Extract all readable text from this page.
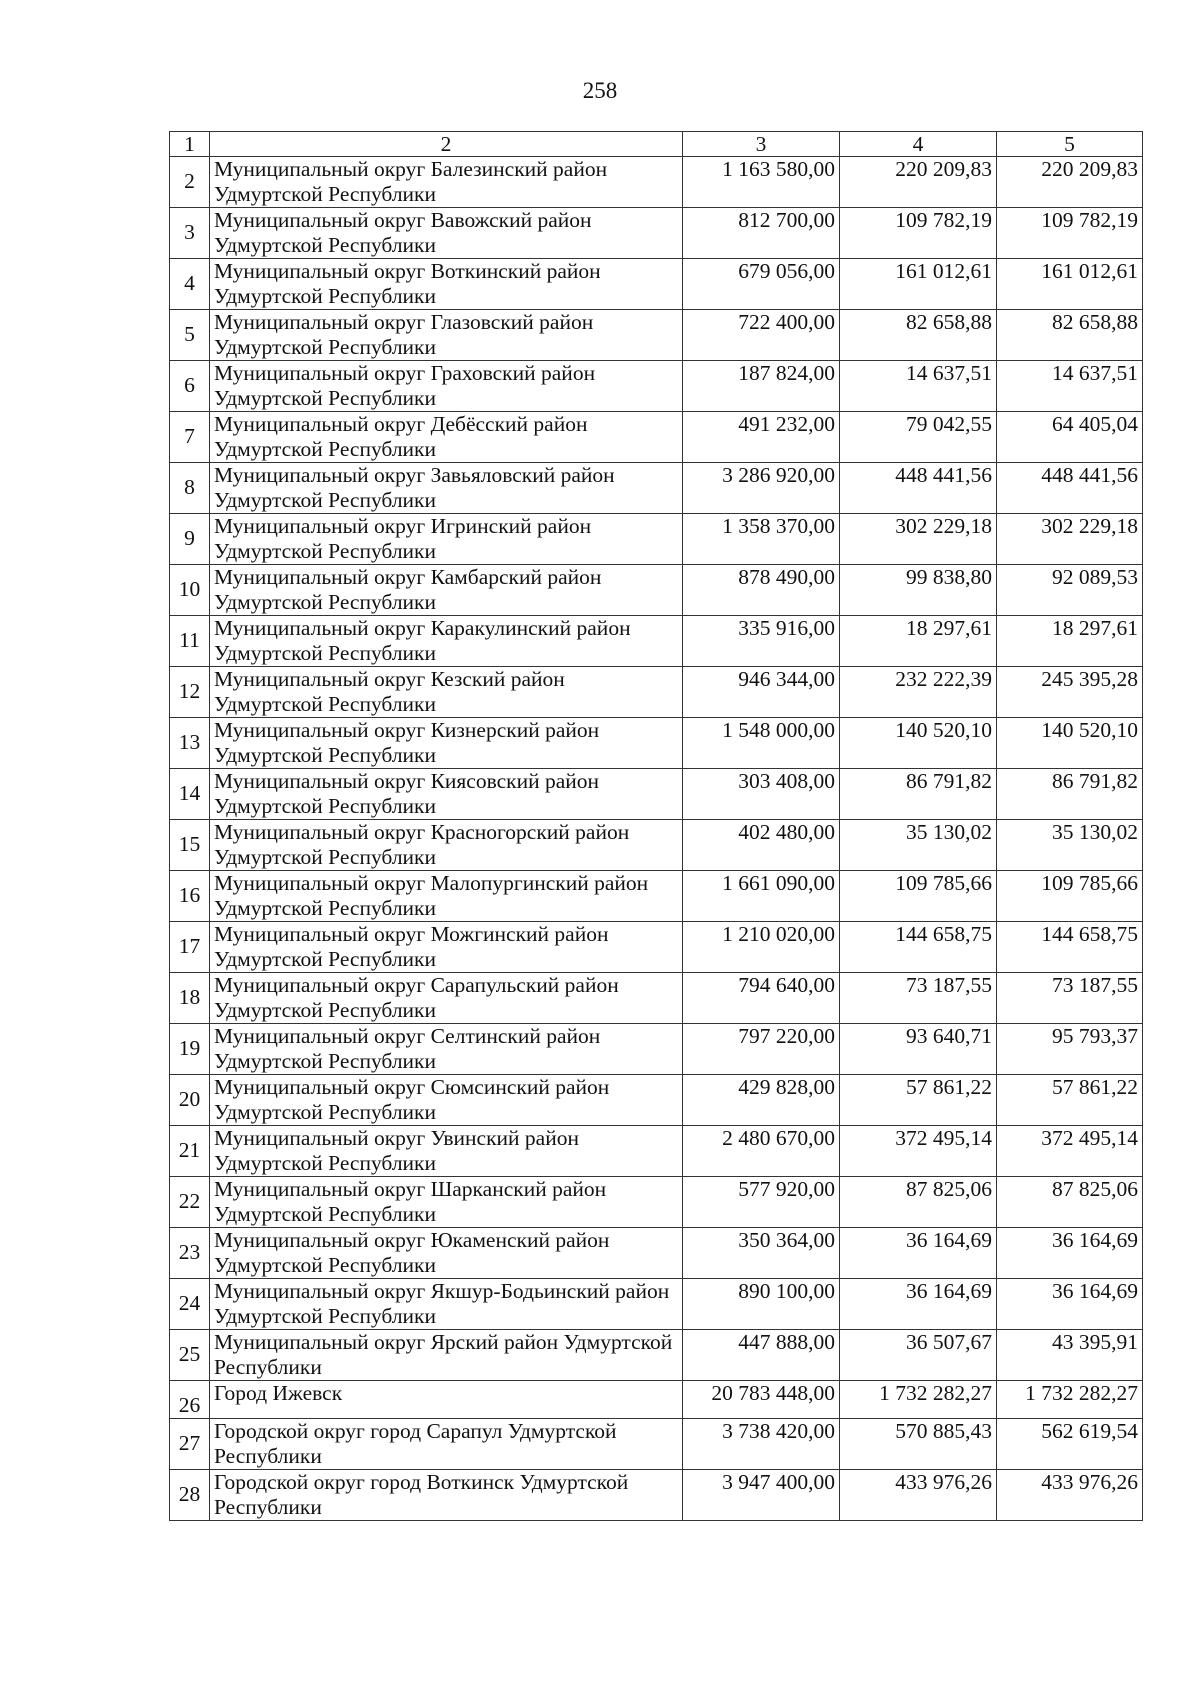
258
1	2	3	4	5
2	Муниципальный округ Балезинский район Удмуртской Республики	1 163 580,00	220 209,83	220 209,83
3	Муниципальный округ Вавожский район Удмуртской Республики	812 700,00	109 782,19	109 782,19
4	Муниципальный округ Воткинский район Удмуртской Республики	679 056,00	161 012,61	161 012,61
5	Муниципальный округ Глазовский район Удмуртской Республики	722 400,00	82 658,88	82 658,88
6	Муниципальный округ Граховский район Удмуртской Республики	187 824,00	14 637,51	14 637,51
7	Муниципальный округ Дебёсский район Удмуртской Республики	491 232,00	79 042,55	64 405,04
8	Муниципальный округ Завьяловский район Удмуртской Республики	3 286 920,00	448 441,56	448 441,56
9	Муниципальный округ Игринский район Удмуртской Республики	1 358 370,00	302 229,18	302 229,18
10	Муниципальный округ Камбарский район Удмуртской Республики	878 490,00	99 838,80	92 089,53
11	Муниципальный округ Каракулинский район Удмуртской Республики	335 916,00	18 297,61	18 297,61
12	Муниципальный округ Кезский район Удмуртской Республики	946 344,00	232 222,39	245 395,28
13	Муниципальный округ Кизнерский район Удмуртской Республики	1 548 000,00	140 520,10	140 520,10
14	Муниципальный округ Киясовский район Удмуртской Республики	303 408,00	86 791,82	86 791,82
15	Муниципальный округ Красногорский район Удмуртской Республики	402 480,00	35 130,02	35 130,02
16	Муниципальный округ Малопургинский район Удмуртской Республики	1 661 090,00	109 785,66	109 785,66
17	Муниципальный округ Можгинский район Удмуртской Республики	1 210 020,00	144 658,75	144 658,75
18	Муниципальный округ Сарапульский район Удмуртской Республики	794 640,00	73 187,55	73 187,55
19	Муниципальный округ Селтинский район Удмуртской Республики	797 220,00	93 640,71	95 793,37
20	Муниципальный округ Сюмсинский район Удмуртской Республики	429 828,00	57 861,22	57 861,22
21	Муниципальный округ Увинский район Удмуртской Республики	2 480 670,00	372 495,14	372 495,14
22	Муниципальный округ Шарканский район Удмуртской Республики	577 920,00	87 825,06	87 825,06
23	Муниципальный округ Юкаменский район Удмуртской Республики	350 364,00	36 164,69	36 164,69
24	Муниципальный округ Якшур-Бодьинский район Удмуртской Республики	890 100,00	36 164,69	36 164,69
25	Муниципальный округ Ярский район Удмуртской Республики	447 888,00	36 507,67	43 395,91
26	Город Ижевск	20 783 448,00	1 732 282,27	1 732 282,27
27	Городской округ город Сарапул Удмуртской Республики	3 738 420,00	570 885,43	562 619,54
28	Городской округ город Воткинск Удмуртской Республики	3 947 400,00	433 976,26	433 976,26
